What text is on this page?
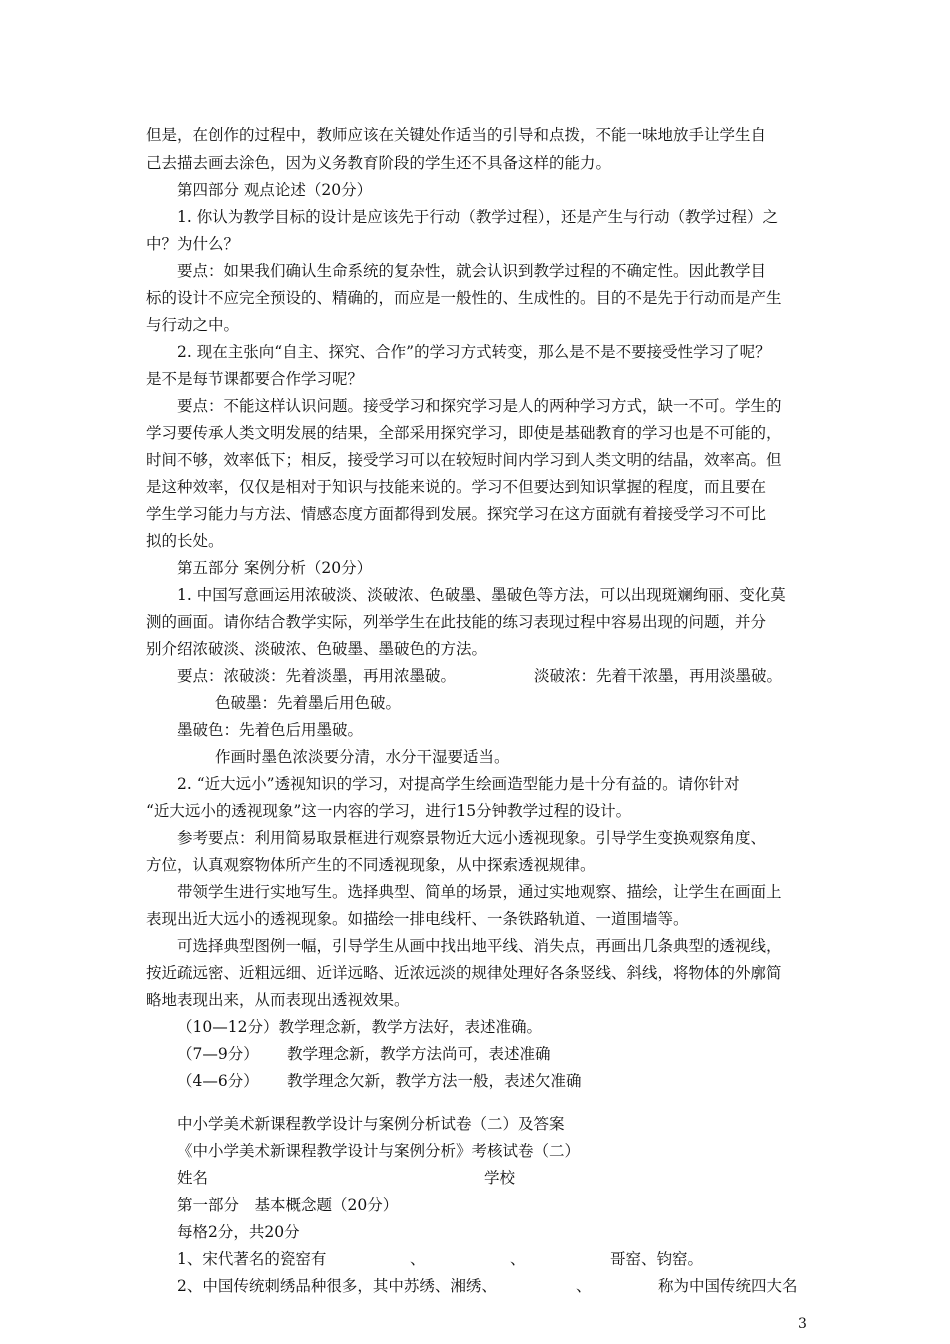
但是，在创作的过程中，教师应该在关键处作适当的引导和点拨，不能一味地放手让学生自
己去描去画去涂色，因为义务教育阶段的学生还不具备这样的能力。
第四部分 观点论述（20分）
1. 你认为教学目标的设计是应该先于行动（教学过程），还是产生与行动（教学过程）之
中？为什么？
要点：如果我们确认生命系统的复杂性，就会认识到教学过程的不确定性。因此教学目
标的设计不应完全预设的、精确的，而应是一般性的、生成性的。目的不是先于行动而是产生
与行动之中。
2. 现在主张向“自主、探究、合作”的学习方式转变，那么是不是不要接受性学习了呢？
是不是每节课都要合作学习呢？
要点：不能这样认识问题。接受学习和探究学习是人的两种学习方式，缺一不可。学生的
学习要传承人类文明发展的结果，全部采用探究学习，即使是基础教育的学习也是不可能的，
时间不够，效率低下；相反，接受学习可以在较短时间内学习到人类文明的结晶，效率高。但
是这种效率，仅仅是相对于知识与技能来说的。学习不但要达到知识掌握的程度，而且要在
学生学习能力与方法、情感态度方面都得到发展。探究学习在这方面就有着接受学习不可比
拟的长处。
第五部分 案例分析（20分）
1. 中国写意画运用浓破淡、淡破浓、色破墨、墨破色等方法，可以出现斑斓绚丽、变化莫
测的画面。请你结合教学实际，列举学生在此技能的练习表现过程中容易出现的问题，并分
别介绍浓破淡、淡破浓、色破墨、墨破色的方法。
要点：浓破淡：先着淡墨，再用浓墨破。	淡破浓：先着干浓墨，再用淡墨破。
色破墨：先着墨后用色破。
墨破色：先着色后用墨破。
作画时墨色浓淡要分清，水分干湿要适当。
2. “近大远小”透视知识的学习，对提高学生绘画造型能力是十分有益的。请你针对
“近大远小的透视现象”这一内容的学习，进行15分钟教学过程的设计。
参考要点：利用简易取景框进行观察景物近大远小透视现象。引导学生变换观察角度、
方位，认真观察物体所产生的不同透视现象，从中探索透视规律。
带领学生进行实地写生。选择典型、简单的场景，通过实地观察、描绘，让学生在画面上
表现出近大远小的透视现象。如描绘一排电线杆、一条铁路轨道、一道围墙等。
可选择典型图例一幅，引导学生从画中找出地平线、消失点，再画出几条典型的透视线，
按近疏远密、近粗远细、近详远略、近浓远淡的规律处理好各条竖线、斜线，将物体的外廓简
略地表现出来，从而表现出透视效果。
（10—12分）教学理念新，教学方法好，表述准确。
（7—9分） 教学理念新，教学方法尚可，表述准确
（4—6分） 教学理念欠新，教学方法一般，表述欠准确
中小学美术新课程教学设计与案例分析试卷（二）及答案
《中小学美术新课程教学设计与案例分析》考核试卷（二）
姓名	学校
第一部分　基本概念题（20分）
每格2分，共20分
1、宋代著名的瓷窑有	、	、	哥窑、钧窑。
2、中国传统刺绣品种很多，其中苏绣、湘绣、	、	称为中国传统四大名
3
